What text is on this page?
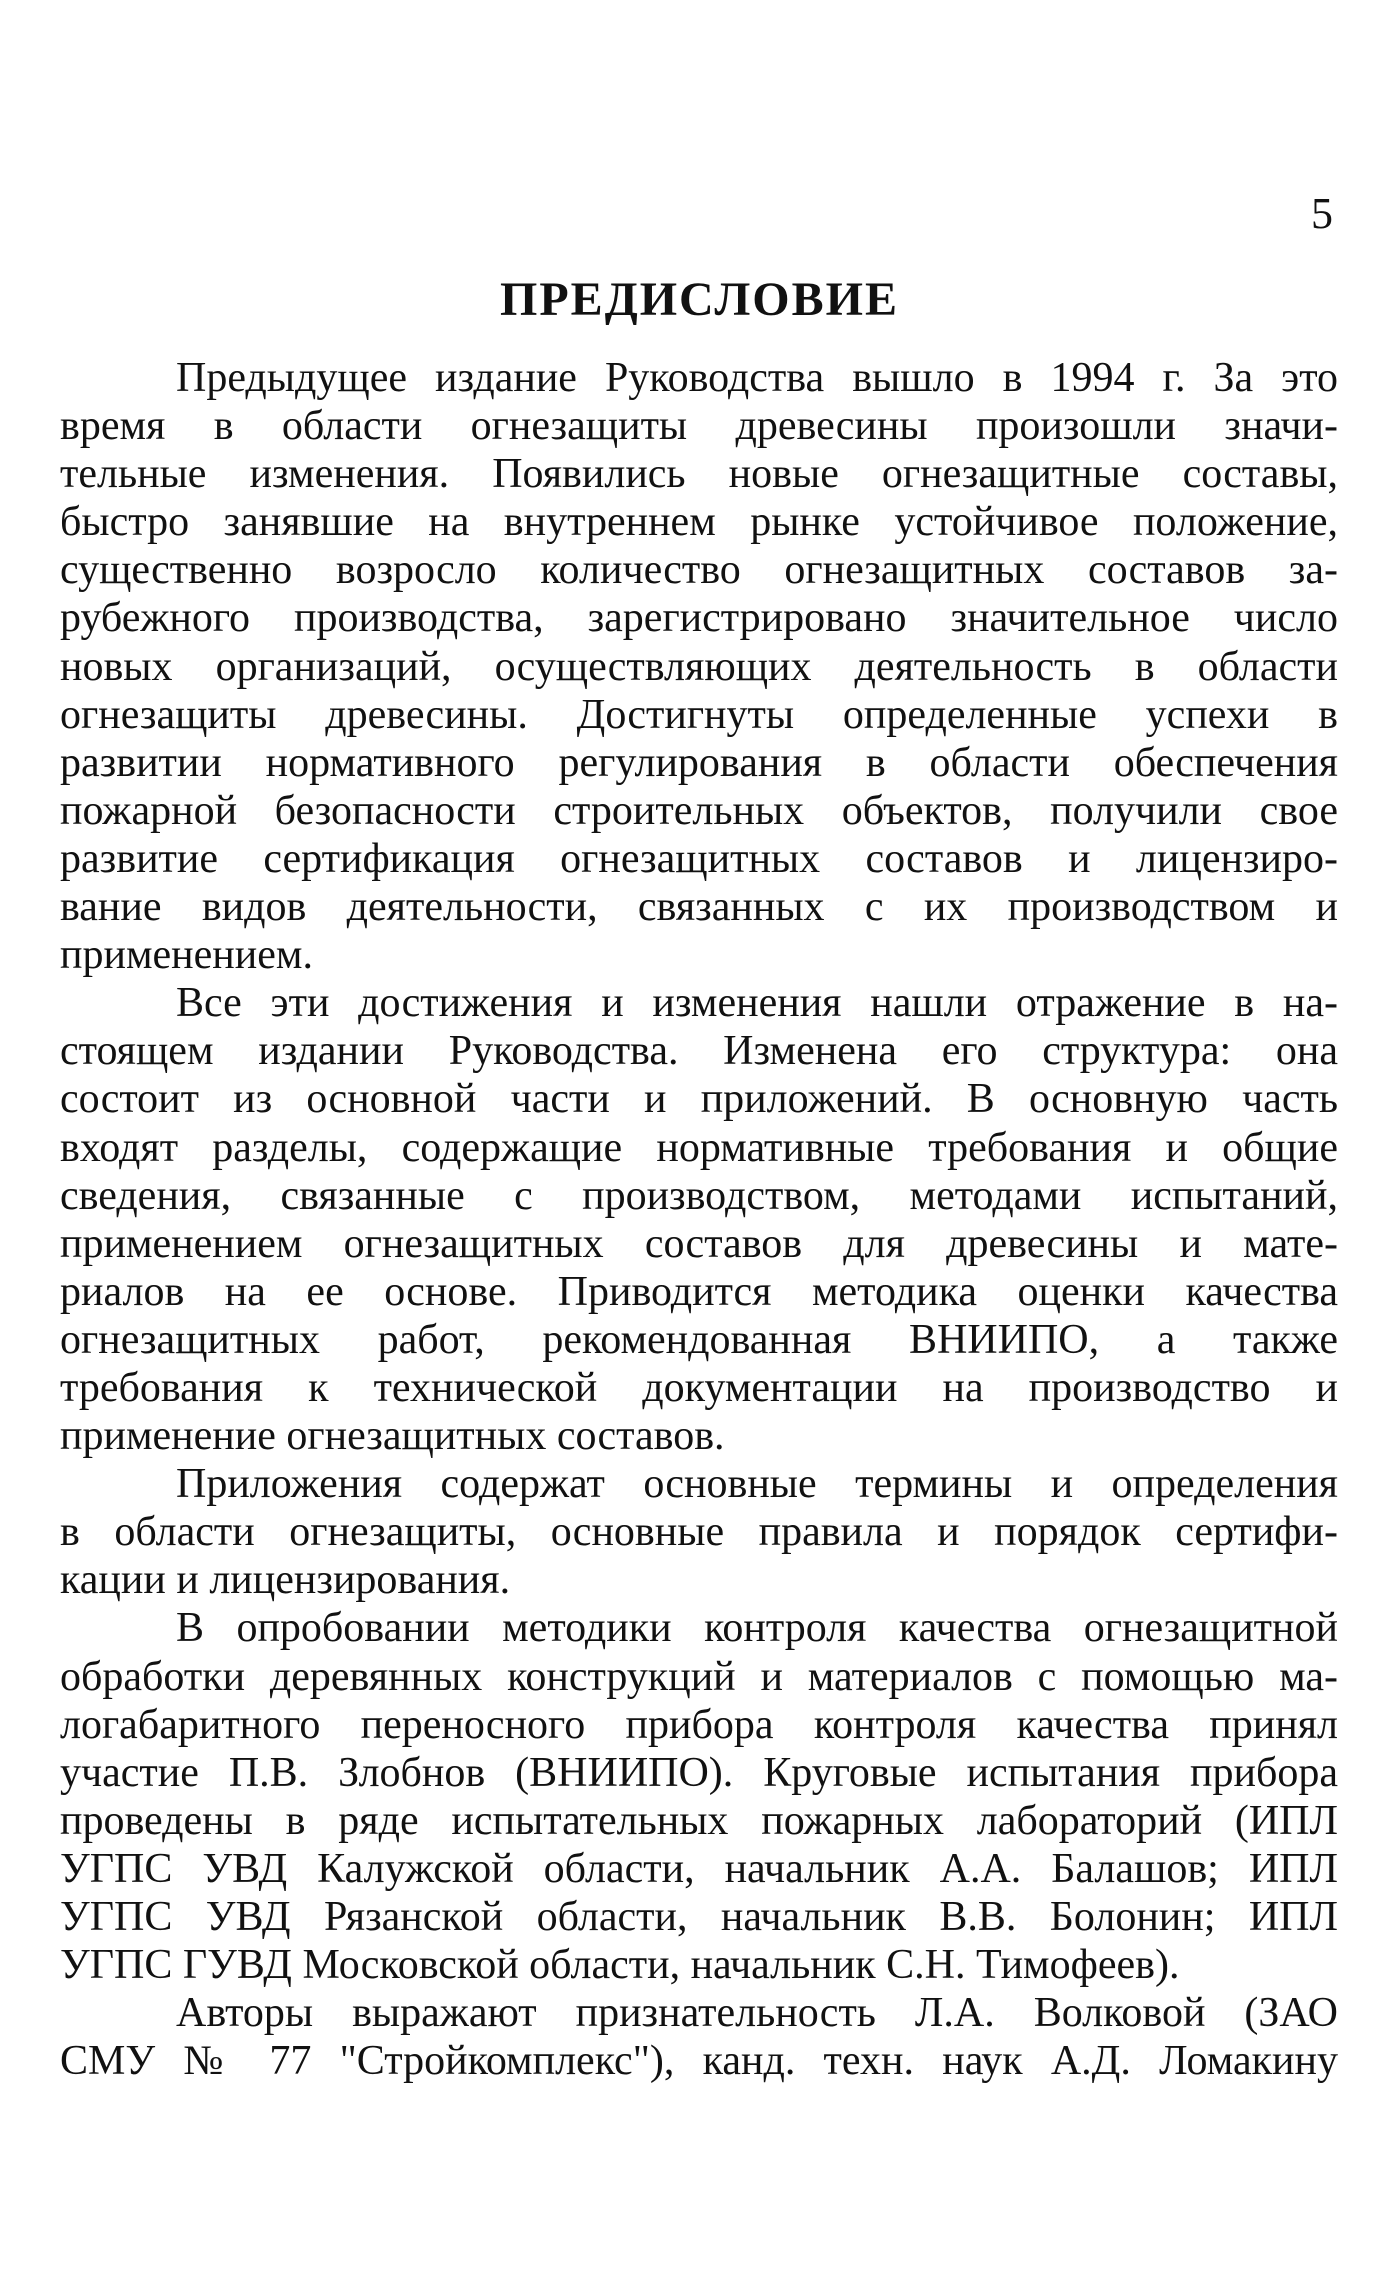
5
ПРЕДИСЛОВИЕ
Предыдущее издание Руководства вышло в 1994 г. За это
время в области огнезащиты древесины произошли значи-
тельные изменения. Появились новые огнезащитные составы,
быстро занявшие на внутреннем рынке устойчивое положение,
существенно возросло количество огнезащитных составов за-
рубежного производства, зарегистрировано значительное число
новых организаций, осуществляющих деятельность в области
огнезащиты древесины. Достигнуты определенные успехи в
развитии нормативного регулирования в области обеспечения
пожарной безопасности строительных объектов, получили свое
развитие сертификация огнезащитных составов и лицензиро-
вание видов деятельности, связанных с их производством и
применением.
Все эти достижения и изменения нашли отражение в на-
стоящем издании Руководства. Изменена его структура: она
состоит из основной части и приложений. В основную часть
входят разделы, содержащие нормативные требования и общие
сведения, связанные с производством, методами испытаний,
применением огнезащитных составов для древесины и мате-
риалов на ее основе. Приводится методика оценки качества
огнезащитных работ, рекомендованная ВНИИПО, а также
требования к технической документации на производство и
применение огнезащитных составов.
Приложения содержат основные термины и определения
в области огнезащиты, основные правила и порядок сертифи-
кации и лицензирования.
В опробовании методики контроля качества огнезащитной
обработки деревянных конструкций и материалов с помощью ма-
логабаритного переносного прибора контроля качества принял
участие П.В. Злобнов (ВНИИПО). Круговые испытания прибора
проведены в ряде испытательных пожарных лабораторий (ИПЛ
УГПС УВД Калужской области, начальник А.А. Балашов; ИПЛ
УГПС УВД Рязанской области, начальник В.В. Болонин; ИПЛ
УГПС ГУВД Московской области, начальник С.Н. Тимофеев).
Авторы выражают признательность Л.А. Волковой (ЗАО
СМУ № 77 "Стройкомплекс"), канд. техн. наук А.Д. Ломакину
